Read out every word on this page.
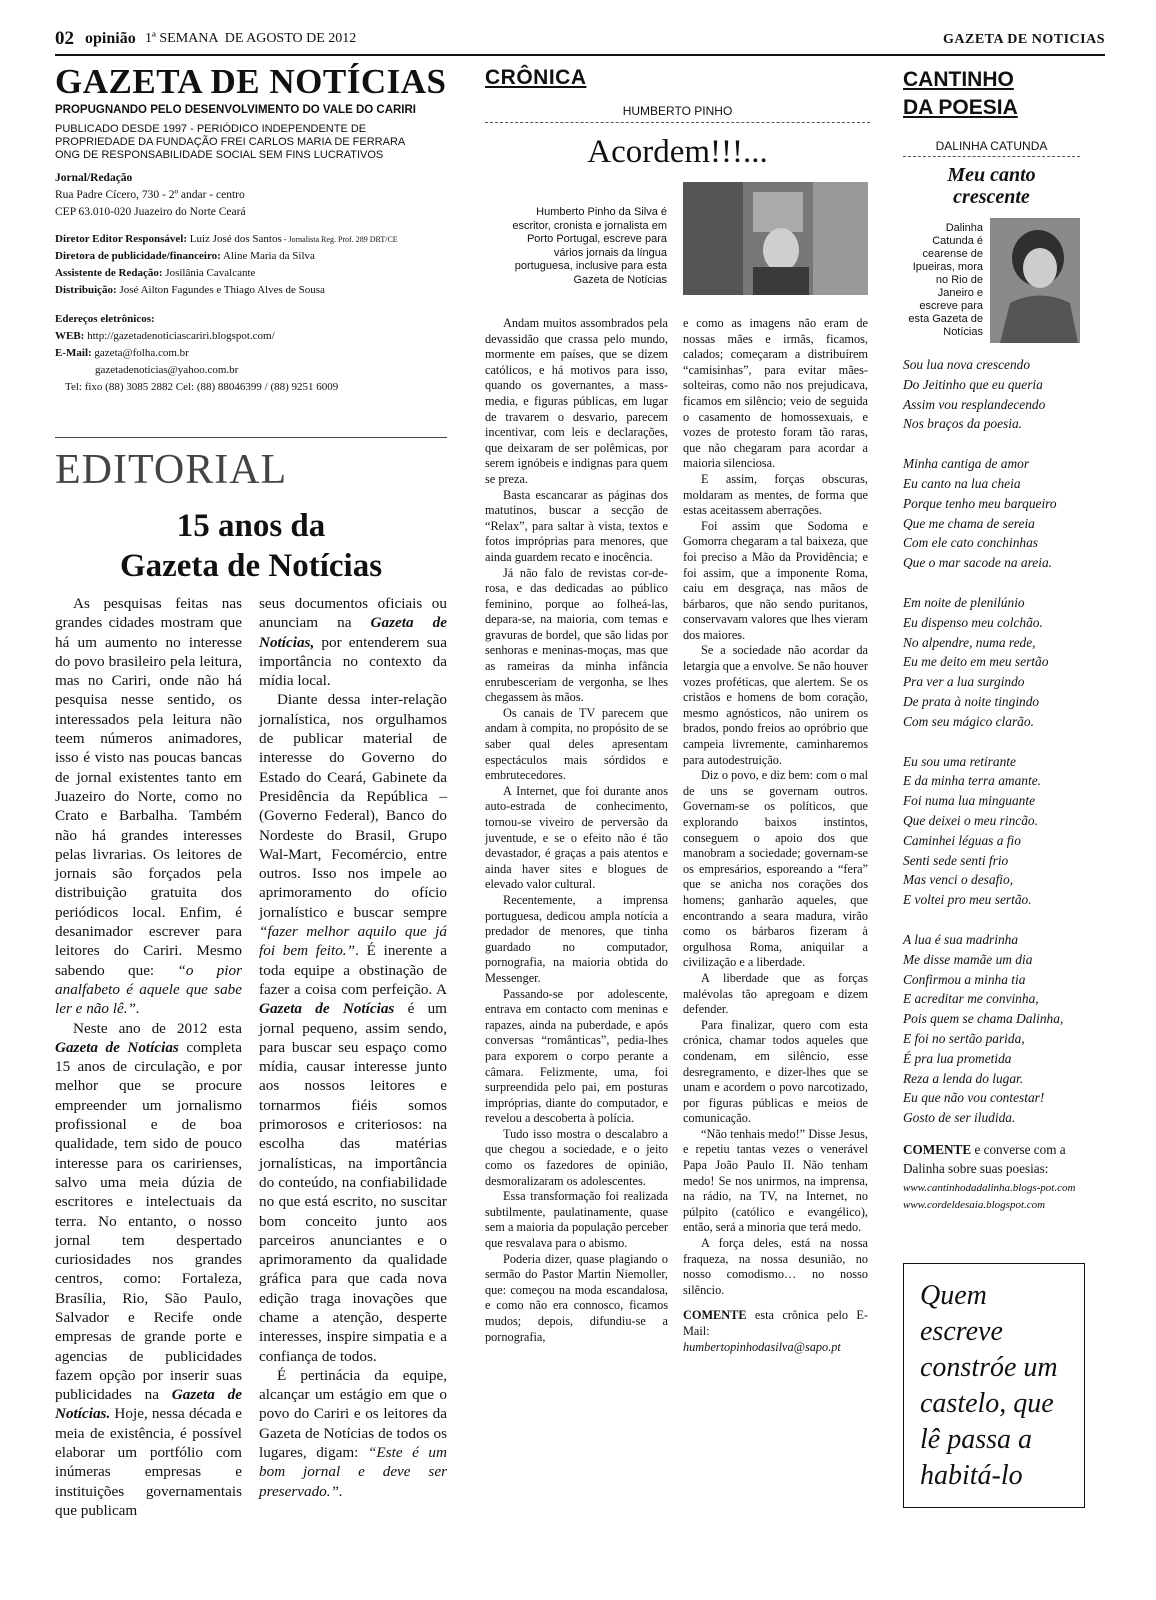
02 opinião 1ª SEMANA  DE AGOSTO DE 2012	GAZETA DE NOTICIAS
GAZETA DE NOTÍCIAS
PROPUGNANDO PELO DESENVOLVIMENTO DO VALE DO CARIRI
PUBLICADO DESDE 1997 - PERIÓDICO INDEPENDENTE DE
PROPRIEDADE DA FUNDAÇÃO FREI CARLOS MARIA DE FERRARA
ONG DE RESPONSABILIDADE SOCIAL SEM FINS LUCRATIVOS
Jornal/Redação
Rua Padre Cícero, 730 - 2º andar - centro
CEP 63.010-020 Juazeiro do Norte Ceará
Diretor Editor Responsável: Luiz José dos Santos - Jornalista Reg. Prof. 289 DRT/CE
Diretora de publicidade/financeiro: Aline Maria da Silva
Assistente de Redação: Josilânia Cavalcante
Distribuição: José Ailton Fagundes e Thiago Alves de Sousa
Edereços eletrônicos:
WEB: http://gazetadenoticiascariri.blogspot.com/
E-Mail: gazeta@folha.com.br
gazetadenoticias@yahoo.com.br
Tel: fixo (88) 3085 2882 Cel: (88) 88046399 / (88) 9251 6009
EDITORIAL
15 anos da
Gazeta de Notícias

As pesquisas feitas nas grandes cidades mostram que há um aumento no interesse do povo brasileiro pela leitura, mas no Cariri, onde não há pesquisa nesse sentido, os interessados pela leitura não teem números animadores, isso é visto nas poucas bancas de jornal existentes tanto em Juazeiro do Norte, como no Crato e Barbalha. Também não há grandes interesses pelas livrarias. Os leitores de jornais são forçados pela distribuição gratuita dos periódicos local. Enfim, é desanimador escrever para leitores do Cariri. Mesmo sabendo que: “o pior analfabeto é aquele que sabe ler e não lê.”.

Neste ano de 2012 esta Gazeta de Notícias completa 15 anos de circulação, e por melhor que se procure empreender um jornalismo profissional e de boa qualidade, tem sido de pouco interesse para os caririenses, salvo uma meia dúzia de escritores e intelectuais da terra. No entanto, o nosso jornal tem despertado curiosidades nos grandes centros, como: Fortaleza, Brasília, Rio, São Paulo, Salvador e Recife onde empresas de grande porte e agencias de publicidades fazem opção por inserir suas publicidades na Gazeta de Notícias. Hoje, nessa década e meia de existência, é possível elaborar um portfólio com inúmeras empresas e instituições governamentais que publicam

seus documentos oficiais ou anunciam na Gazeta de Notícias, por entenderem sua importância no contexto da mídia local.

Diante dessa inter-relação jornalística, nos orgulhamos de publicar material de interesse do Governo do Estado do Ceará, Gabinete da Presidência da República – (Governo Federal), Banco do Nordeste do Brasil, Grupo Wal-Mart, Fecomércio, entre outros. Isso nos impele ao aprimoramento do ofício jornalístico e buscar sempre “fazer melhor aquilo que já foi bem feito.”. É inerente a toda equipe a obstinação de fazer a coisa com perfeição. A Gazeta de Notícias é um jornal pequeno, assim sendo, para buscar seu espaço como mídia, causar interesse junto aos nossos leitores e tornarmos fiéis somos primorosos e criteriosos: na escolha das matérias jornalísticas, na importância do conteúdo, na confiabilidade no que está escrito, no suscitar bom conceito junto aos parceiros anunciantes e o aprimoramento da qualidade gráfica para que cada nova edição traga inovações que chame a atenção, desperte interesses, inspire simpatia e a confiança de todos.

É pertinácia da equipe, alcançar um estágio em que o povo do Cariri e os leitores da Gazeta de Notícias de todos os lugares, digam: “Este é um bom jornal e deve ser preservado.”.

CRÔNICA
HUMBERTO PINHO
Acordem!!!...
Humberto Pinho da Silva é escritor, cronista e jornalista em Porto Portugal, escreve para vários jornais da língua portuguesa, inclusive para esta Gazeta de Notícias

Andam muitos assombrados pela devassidão que crassa pelo mundo, mormente em países, que se dizem católicos, e há motivos para isso, quando os governantes, a mass-media, e figuras públicas, em lugar de travarem o desvario, parecem incentivar, com leis e declarações, que deixaram de ser polêmicas, por serem ignóbeis e indignas para quem se preza.

Basta escancarar as páginas dos matutinos, buscar a secção de “Relax”, para saltar à vista, textos e fotos impróprias para menores, que ainda guardem recato e inocência.

Já não falo de revistas cor-de-rosa, e das dedicadas ao público feminino, porque ao folheá-las, depara-se, na maioria, com temas e gravuras de bordel, que são lidas por senhoras e meninas-moças, mas que as rameiras da minha infância enrubesceriam de vergonha, se lhes chegassem às mãos.

Os canais de TV parecem que andam à compita, no propósito de se saber qual deles apresentam espectáculos mais sórdidos e embrutecedores.

A Internet, que foi durante anos auto-estrada de conhecimento, tornou-se viveiro de perversão da juventude, e se o efeito não é tão devastador, é graças a pais atentos e ainda haver sites e blogues de elevado valor cultural.

Recentemente, a imprensa portuguesa, dedicou ampla notícia a predador de menores, que tinha guardado no computador, pornografia, na maioria obtida do Messenger.

Passando-se por adolescente, entrava em contacto com meninas e rapazes, ainda na puberdade, e após conversas “românticas”, pedia-lhes para exporem o corpo perante a câmara. Felizmente, uma, foi surpreendida pelo pai, em posturas impróprias, diante do computador, e revelou a descoberta à polícia.

Tudo isso mostra o descalabro a que chegou a sociedade, e o jeito como os fazedores de opinião, desmoralizaram os adolescentes.

Essa transformação foi realizada subtilmente, paulatinamente, quase sem a maioria da população perceber que resvalava para o abismo.

Poderia dizer, quase plagiando o sermão do Pastor Martin Niemoller, que: começou na moda escandalosa, e como não era connosco, ficamos mudos; depois, difundiu-se a pornografia,

e como as imagens não eram de nossas mães e irmãs, ficamos, calados; começaram a distribuírem “camisinhas”, para evitar mães-solteiras, como não nos prejudicava, ficamos em silêncio; veio de seguida o casamento de homossexuais, e vozes de protesto foram tão raras, que não chegaram para acordar a maioria silenciosa.

E assim, forças obscuras, moldaram as mentes, de forma que estas aceitassem aberrações.

Foi assim que Sodoma e Gomorra chegaram a tal baixeza, que foi preciso a Mão da Providência; e foi assim, que a imponente Roma, caiu em desgraça, nas mãos de bárbaros, que não sendo puritanos, conservavam valores que lhes vieram dos maiores.

Se a sociedade não acordar da letargia que a envolve. Se não houver vozes proféticas, que alertem. Se os cristãos e homens de bom coração, mesmo agnósticos, não unirem os brados, pondo freios ao opróbrio que campeia livremente, caminharemos para autodestruição.

Diz o povo, e diz bem: com o mal de uns se governam outros. Governam-se os políticos, que explorando baixos instintos, conseguem o apoio dos que manobram a sociedade; governam-se os empresários, esporeando a “fera” que se anicha nos corações dos homens; ganharão aqueles, que encontrando a seara madura, virão como os bárbaros fizeram à orgulhosa Roma, aniquilar a civilização e a liberdade.

A liberdade que as forças malévolas tão apregoam e dizem defender.

Para finalizar, quero com esta crónica, chamar todos aqueles que condenam, em silêncio, esse desregramento, e dizer-lhes que se unam e acordem o povo narcotizado, por figuras públicas e meios de comunicação.

“Não tenhais medo!” Disse Jesus, e repetiu tantas vezes o venerável Papa João Paulo II. Não tenham medo! Se nos unirmos, na imprensa, na rádio, na TV, na Internet, no púlpito (católico e evangélico), então, será a minoria que terá medo.

A força deles, está na nossa fraqueza, na nossa desunião, no nosso comodismo… no nosso silêncio.

COMENTE esta crônica pelo E-Mail:

humbertopinhodasilva@sapo.pt

CANTINHO
DA POESIA
DALINHA CATUNDA
Meu canto
crescente
Dalinha Catunda é cearense de Ipueiras, mora no Rio de Janeiro e escreve para esta Gazeta de Notícias
Sou lua nova crescendo
Do Jeitinho que eu queria
Assim vou resplandecendo
Nos braços da poesia.
Minha cantiga de amor
Eu canto na lua cheia
Porque tenho meu barqueiro
Que me chama de sereia
Com ele cato conchinhas
Que o mar sacode na areia.
Em noite de plenilúnio
Eu dispenso meu colchão.
No alpendre, numa rede,
Eu me deito em meu sertão
Pra ver a lua surgindo
De prata à noite tingindo
Com seu mágico clarão.
Eu sou uma retirante
E da minha terra amante.
Foi numa lua minguante
Que deixei o meu rincão.
Caminhei léguas a fio
Senti sede senti frio
Mas venci o desafio,
E voltei pro meu sertão.
A lua é sua madrinha
Me disse mamãe um dia
Confirmou a minha tia
E acreditar me convinha,
Pois quem se chama Dalinha,
E foi no sertão parida,
É pra lua prometida
Reza a lenda do lugar.
Eu que não vou contestar!
Gosto de ser iludida.
COMENTE e converse com a Dalinha sobre suas poesias:
www.cantinhodadalinha.blogs-pot.com
www.cordeldesaia.blogspot.com
Quem escreve constróe um castelo, que lê passa a habitá-lo
